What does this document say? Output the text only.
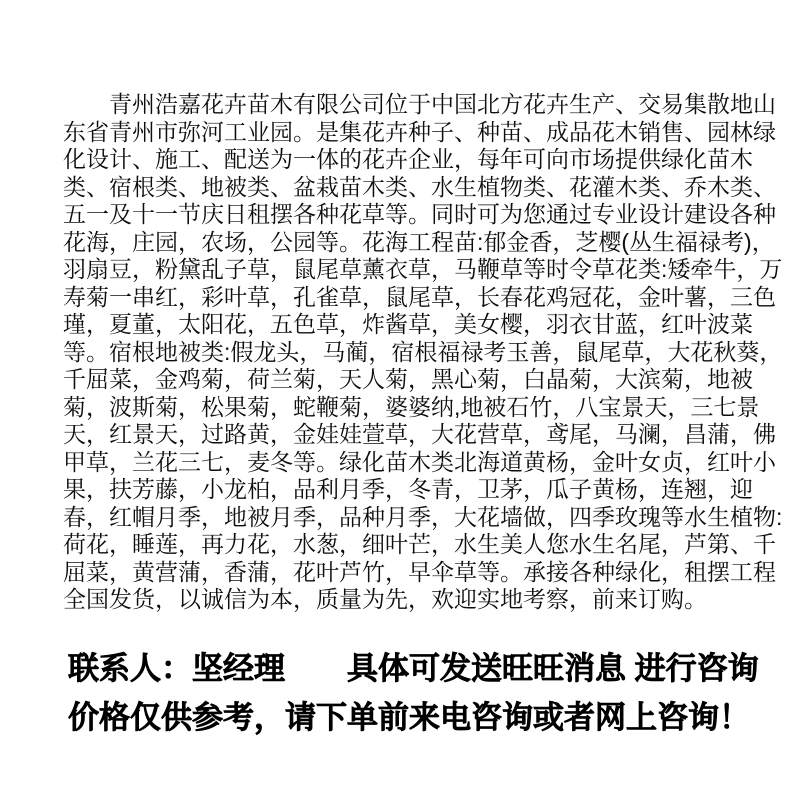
　　青州浩嘉花卉苗木有限公司位于中国北方花卉生产、交易集散地山
东省青州市弥河工业园。是集花卉种子、种苗、成品花木销售、园林绿
化设计、施工、配送为一体的花卉企业，每年可向市场提供绿化苗木
类、宿根类、地被类、盆栽苗木类、水生植物类、花灌木类、乔木类、
五一及十一节庆日租摆各种花草等。同时可为您通过专业设计建设各种
花海，庄园，农场，公园等。花海工程苗:郁金香，芝樱(丛生福禄考)，
羽扇豆，粉黛乱子草，鼠尾草薰衣草，马鞭草等时令草花类:矮牵牛，万
寿菊一串红，彩叶草，孔雀草，鼠尾草，长春花鸡冠花，金叶薯，三色
瑾，夏董，太阳花，五色草，炸酱草，美女樱，羽衣甘蓝，红叶波菜
等。宿根地被类:假龙头，马蔺，宿根福禄考玉善，鼠尾草，大花秋葵，
千屈菜，金鸡菊，荷兰菊，天人菊，黑心菊，白晶菊，大滨菊，地被
菊，波斯菊，松果菊，蛇鞭菊，婆婆纳,地被石竹，八宝景天，三七景
天，红景天，过路黄，金娃娃萱草，大花营草，鸢尾，马澜，昌蒲，佛
甲草，兰花三七，麦冬等。绿化苗木类北海道黄杨，金叶女贞，红叶小
果，扶芳藤，小龙柏，品利月季，冬青，卫茅，瓜子黄杨，连翘，迎
春，红帽月季，地被月季，品种月季，大花墙做，四季玫瑰等水生植物:
荷花，睡莲，再力花，水葱，细叶芒，水生美人您水生名尾，芦第、千
屈菜，黄营蒲，香蒲，花叶芦竹，早伞草等。承接各种绿化，租摆工程
全国发货，以诚信为本，质量为先，欢迎实地考察，前来订购。
联系人：坚经理　　具体可发送旺旺消息 进行咨询
价格仅供参考，请下单前来电咨询或者网上咨询！
